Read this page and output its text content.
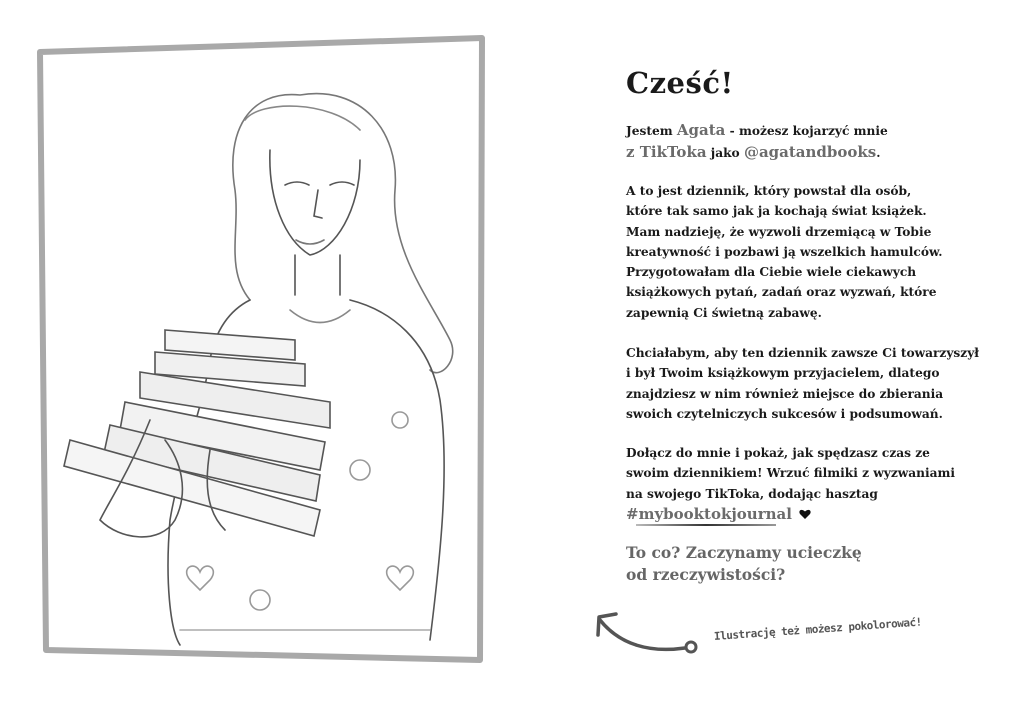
Cześć!
Jestem Agata - możesz kojarzyć mnie
z TikToka jako @agatandbooks.
A to jest dziennik, który powstał dla osób,
które tak samo jak ja kochają świat książek.
Mam nadzieję, że wyzwoli drzemiącą w Tobie
kreatywność i pozbawi ją wszelkich hamulców.
Przygotowałam dla Ciebie wiele ciekawych
książkowych pytań, zadań oraz wyzwań, które
zapewnią Ci świetną zabawę.
Chciałabym, aby ten dziennik zawsze Ci towarzyszył
i był Twoim książkowym przyjacielem, dlatego
znajdziesz w nim również miejsce do zbierania
swoich czytelniczych sukcesów i podsumowań.
Dołącz do mnie i pokaż, jak spędzasz czas ze
swoim dziennikiem! Wrzuć filmiki z wyzwaniami
na swojego TikToka, dodając hasztag
#mybooktokjournal
To co? Zaczynamy ucieczkę
od rzeczywistości?
Ilustrację też możesz pokolorować!
